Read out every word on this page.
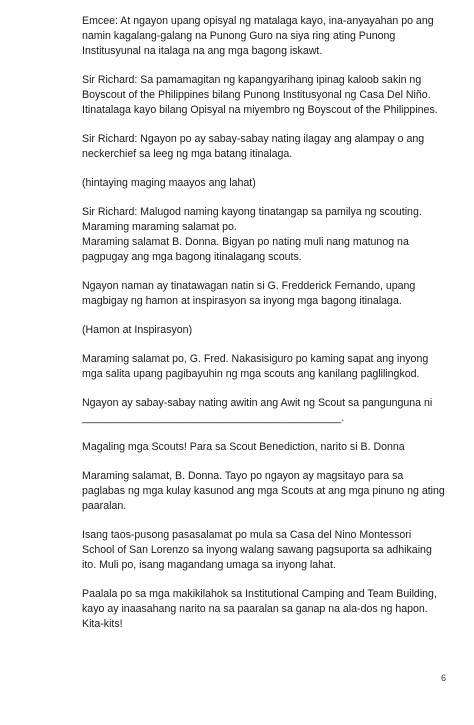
Emcee: At ngayon upang opisyal ng matalaga kayo, ina-anyayahan po ang
namin kagalang-galang na Punong Guro na siya ring ating Punong
Institusyunal na italaga na ang mga bagong iskawt.

Sir Richard: Sa pamamagitan ng kapangyarihang ipinag kaloob sakin ng
Boyscout of the Philippines bilang Punong Institusyonal ng Casa Del Niño.
Itinatalaga kayo bilang Opisyal na miyembro ng Boyscout of the Philippines.

Sir Richard: Ngayon po ay sabay-sabay nating ilagay ang alampay o ang
neckerchief sa leeg ng mga batang itinalaga.

(hintaying maging maayos ang lahat)

Sir Richard: Malugod naming kayong tinatangap sa pamilya ng scouting.
Maraming maraming salamat po.
Maraming salamat B. Donna. Bigyan po nating muli nang matunog na
pagpugay ang mga bagong itinalagang scouts.

Ngayon naman ay tinatawagan natin si G. Fredderick Fernando, upang
magbigay ng hamon at inspirasyon sa inyong mga bagong itinalaga.

(Hamon at Inspirasyon)

Maraming salamat po, G. Fred. Nakasisiguro po kaming sapat ang inyong
mga salita upang pagibayuhin ng mga scouts ang kanilang paglilingkod.

Ngayon ay sabay-sabay nating awitin ang Awit ng Scout sa pangunguna ni
____________________________________________.

Magaling mga Scouts! Para sa Scout Benediction, narito si B. Donna

Maraming salamat, B. Donna. Tayo po ngayon ay magsitayo para sa
paglabas ng mga kulay kasunod ang mga Scouts at ang mga pinuno ng ating
paaralan.

Isang taos-pusong pasasalamat po mula sa Casa del Nino Montessori
School of San Lorenzo sa inyong walang sawang pagsuporta sa adhikaing
ito. Muli po, isang magandang umaga sa inyong lahat.

Paalala po sa mga makikilahok sa Institutional Camping and Team Building,
kayo ay inaasahang narito na sa paaralan sa ganap na ala-dos ng hapon.
Kita-kits!

6
